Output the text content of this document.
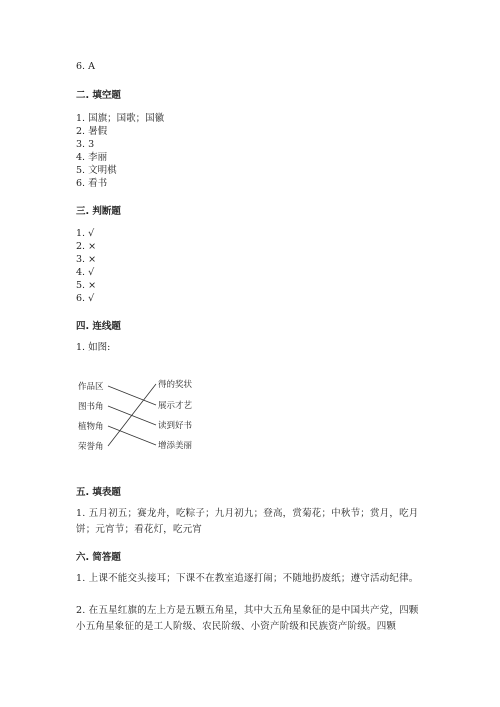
6. A
二. 填空题
1. 国旗；国歌；国徽
2. 暑假
3. 3
4. 李丽
5. 文明棋
6. 看书
三. 判断题
1. √
2. ×
3. ×
4. √
5. ×
6. √
四. 连线题
1. 如图:
作品区
图书角
植物角
荣誉角
得的奖状
展示才艺
读到好书
增添美丽
五. 填表题
1. 五月初五；赛龙舟，吃粽子；九月初九；登高，赏菊花；中秋节；赏月，吃月饼；元宵节；看花灯，吃元宵
六. 简答题
1. 上课不能交头接耳；下课不在教室追逐打闹；不随地扔废纸；遵守活动纪律。
2. 在五星红旗的左上方是五颗五角星，其中大五角星象征的是中国共产党，四颗小五角星象征的是工人阶级、农民阶级、小资产阶级和民族资产阶级。四颗
